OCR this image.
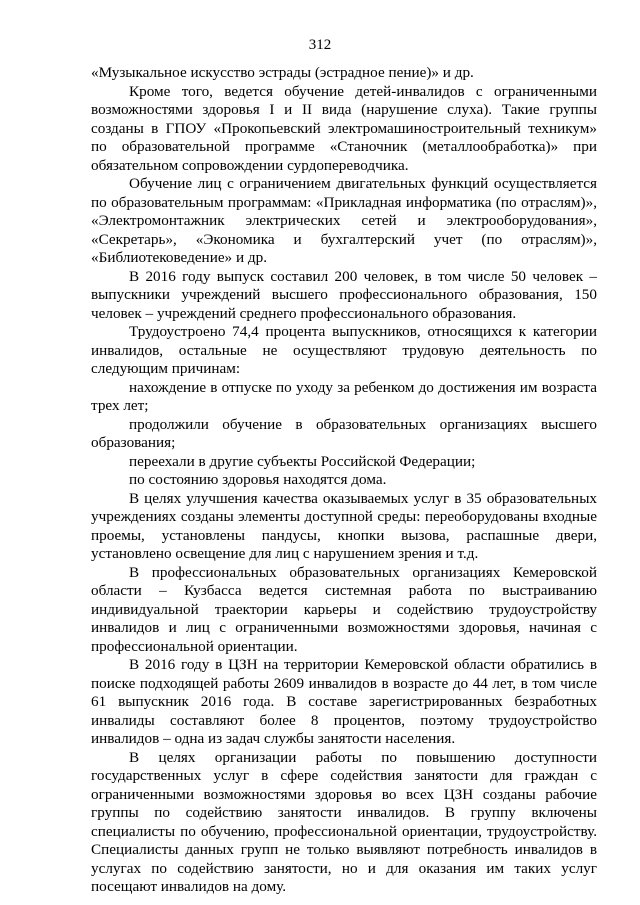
312

«Музыкальное искусство эстрады (эстрадное пение)» и др.

Кроме того, ведется обучение детей-инвалидов с ограниченными возможностями здоровья I и II вида (нарушение слуха). Такие группы созданы в ГПОУ «Прокопьевский электромашиностроительный техникум» по образовательной программе «Станочник (металлообработка)» при обязательном сопровождении сурдопереводчика.

Обучение лиц с ограничением двигательных функций осуществляется по образовательным программам: «Прикладная информатика (по отраслям)», «Электромонтажник электрических сетей и электрооборудования», «Секретарь», «Экономика и бухгалтерский учет (по отраслям)», «Библиотековедение» и др.

В 2016 году выпуск составил 200 человек, в том числе 50 человек – выпускники учреждений высшего профессионального образования, 150 человек – учреждений среднего профессионального образования.

Трудоустроено 74,4 процента выпускников, относящихся к категории инвалидов, остальные не осуществляют трудовую деятельность по следующим причинам:

нахождение в отпуске по уходу за ребенком до достижения им возраста трех лет;

продолжили обучение в образовательных организациях высшего образования;

переехали в другие субъекты Российской Федерации;

по состоянию здоровья находятся дома.

В целях улучшения качества оказываемых услуг в 35 образовательных учреждениях созданы элементы доступной среды: переоборудованы входные проемы, установлены пандусы, кнопки вызова, распашные двери, установлено освещение для лиц с нарушением зрения и т.д.

В профессиональных образовательных организациях Кемеровской области – Кузбасса ведется системная работа по выстраиванию индивидуальной траектории карьеры и содействию трудоустройству инвалидов и лиц с ограниченными возможностями здоровья, начиная с профессиональной ориентации.

В 2016 году в ЦЗН на территории Кемеровской области обратились в поиске подходящей работы 2609 инвалидов в возрасте до 44 лет, в том числе 61 выпускник 2016 года. В составе зарегистрированных безработных инвалиды составляют более 8 процентов, поэтому трудоустройство инвалидов – одна из задач службы занятости населения.

В целях организации работы по повышению доступности государственных услуг в сфере содействия занятости для граждан с ограниченными возможностями здоровья во всех ЦЗН созданы рабочие группы по содействию занятости инвалидов. В группу включены специалисты по обучению, профессиональной ориентации, трудоустройству. Специалисты данных групп не только выявляют потребность инвалидов в услугах по содействию занятости, но и для оказания им таких услуг посещают инвалидов на дому.
